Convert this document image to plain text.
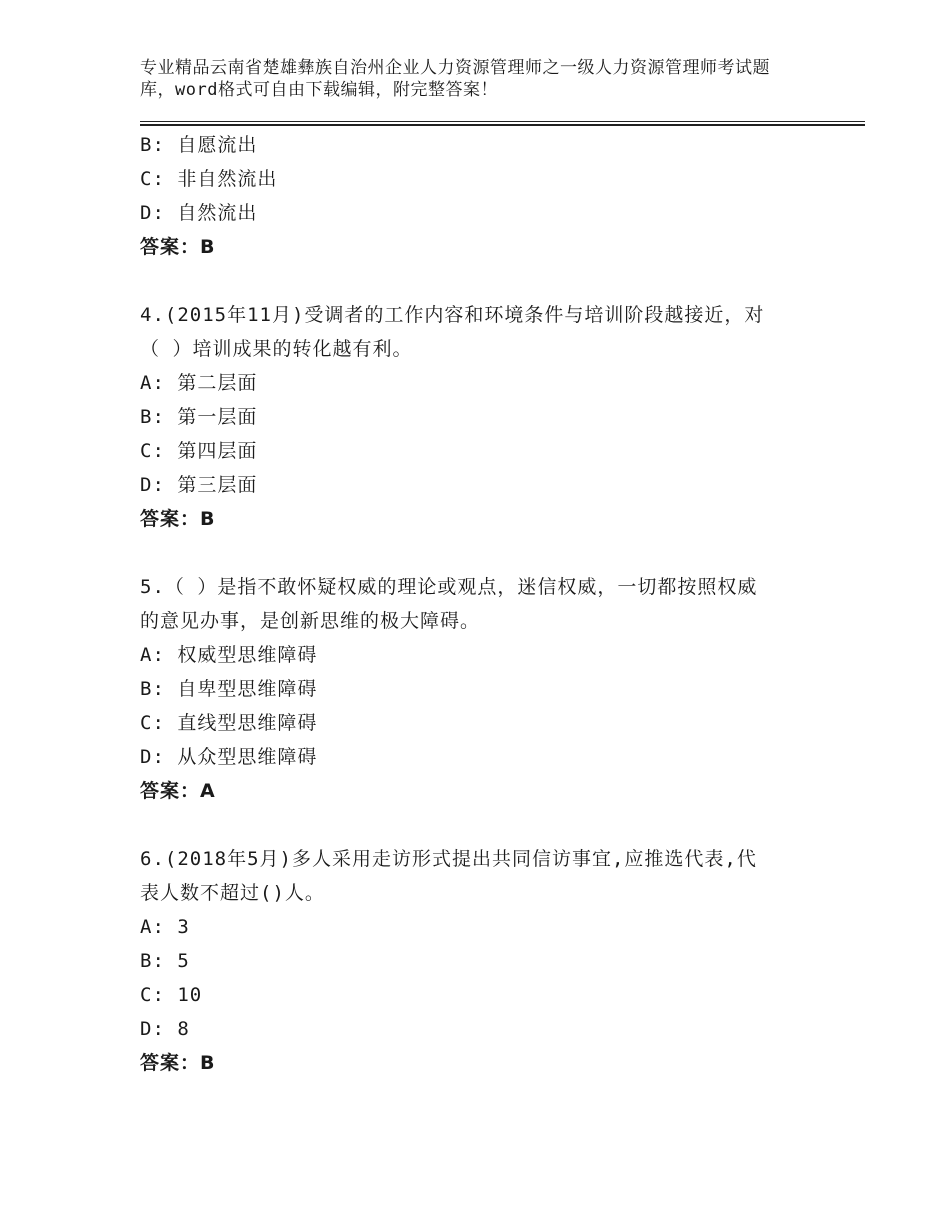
专业精品云南省楚雄彝族自治州企业人力资源管理师之一级人力资源管理师考试题
库，word格式可自由下载编辑，附完整答案！
B: 自愿流出
C: 非自然流出
D: 自然流出
答案：B
4.(2015年11月)受调者的工作内容和环境条件与培训阶段越接近，对
（ ）培训成果的转化越有利。
A: 第二层面
B: 第一层面
C: 第四层面
D: 第三层面
答案：B
5.（ ）是指不敢怀疑权威的理论或观点，迷信权威，一切都按照权威
的意见办事，是创新思维的极大障碍。
A: 权威型思维障碍
B: 自卑型思维障碍
C: 直线型思维障碍
D: 从众型思维障碍
答案：A
6.(2018年5月)多人采用走访形式提出共同信访事宜,应推选代表,代
表人数不超过()人。
A: 3
B: 5
C: 10
D: 8
答案：B
